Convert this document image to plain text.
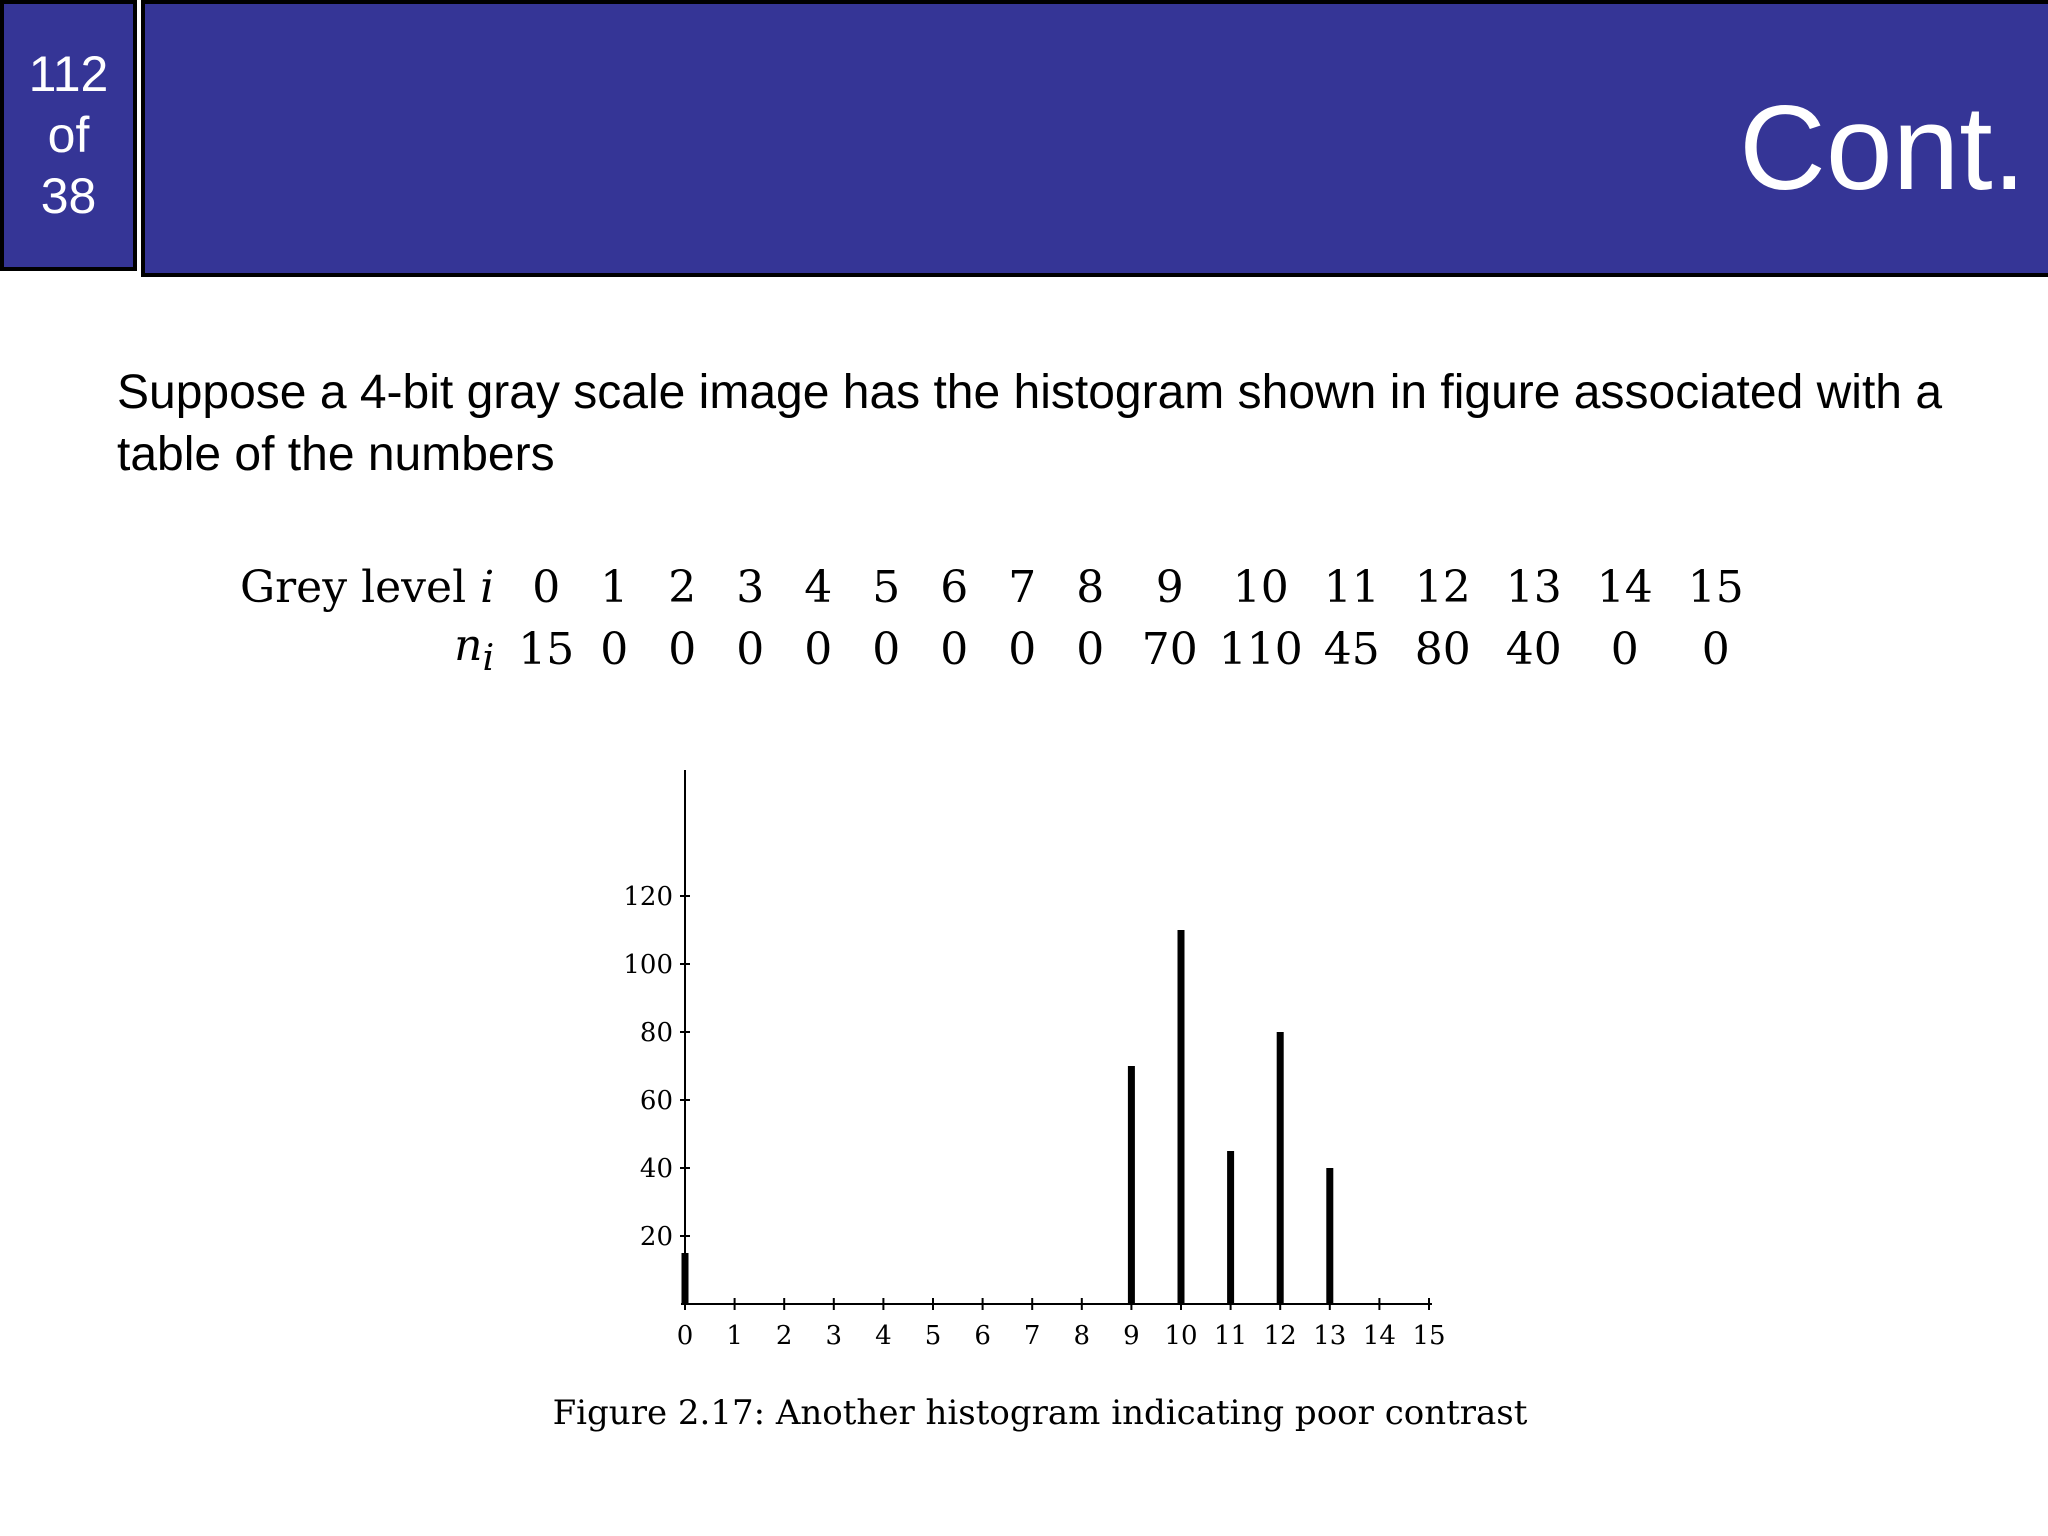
112
of
38	Cont.

Suppose a 4-bit gray scale image has the histogram shown in figure associated with a table of the numbers

Grey level i	0	1	2	3	4	5	6	7	8	9	10	11	12	13	14	15
$n_i$	15	0	0	0	0	0	0	0	0	70	110	45	80	40	0	0
20
40
60
80
100
120
0 1 2 3 4 5 6 7 8 9 10 11 12 13 14 15
Figure 2.17: Another histogram indicating poor contrast
